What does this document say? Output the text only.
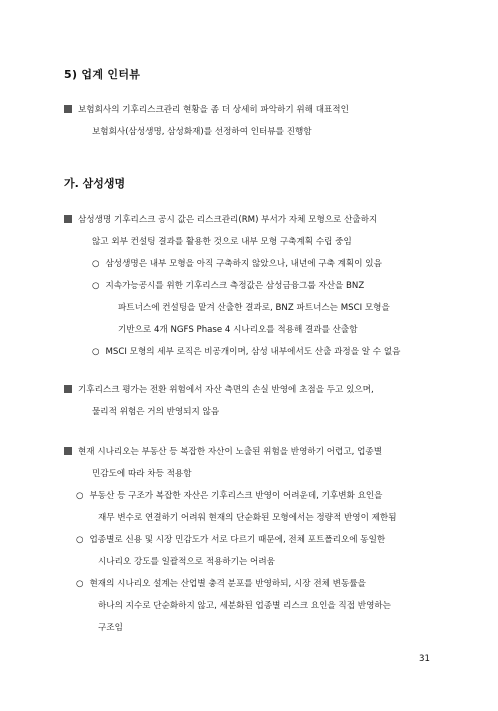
5) 업계 인터뷰
보험회사의 기후리스크관리 현황을 좀 더 상세히 파악하기 위해 대표적인
보험회사(삼성생명, 삼성화재)를 선정하여 인터뷰를 진행함
가. 삼성생명
삼성생명 기후리스크 공시 값은 리스크관리(RM) 부서가 자체 모형으로 산출하지
않고 외부 컨설팅 결과를 활용한 것으로 내부 모형 구축계획 수립 중임
○ 삼성생명은 내부 모형을 아직 구축하지 않았으나, 내년에 구축 계획이 있음
○ 지속가능공시를 위한 기후리스크 측정값은 삼성금융그룹 자산을 BNZ
파트너스에 컨설팅을 맡겨 산출한 결과로, BNZ 파트너스는 MSCI 모형을
기반으로 4개 NGFS Phase 4 시나리오를 적용해 결과를 산출함
○ MSCI 모형의 세부 로직은 비공개이며, 삼성 내부에서도 산출 과정을 알 수 없음
기후리스크 평가는 전환 위험에서 자산 측면의 손실 반영에 초점을 두고 있으며,
물리적 위험은 거의 반영되지 않음
현재 시나리오는 부동산 등 복잡한 자산이 노출된 위험을 반영하기 어렵고, 업종별
민감도에 따라 차등 적용함
○ 부동산 등 구조가 복잡한 자산은 기후리스크 반영이 어려운데, 기후변화 요인을
재무 변수로 연결하기 어려워 현재의 단순화된 모형에서는 정량적 반영이 제한됨
○ 업종별로 신용 및 시장 민감도가 서로 다르기 때문에, 전체 포트폴리오에 동일한
시나리오 강도를 일괄적으로 적용하기는 어려움
○ 현재의 시나리오 설계는 산업별 충격 분포를 반영하되, 시장 전체 변동률을
하나의 지수로 단순화하지 않고, 세분화된 업종별 리스크 요인을 직접 반영하는
구조임
31
